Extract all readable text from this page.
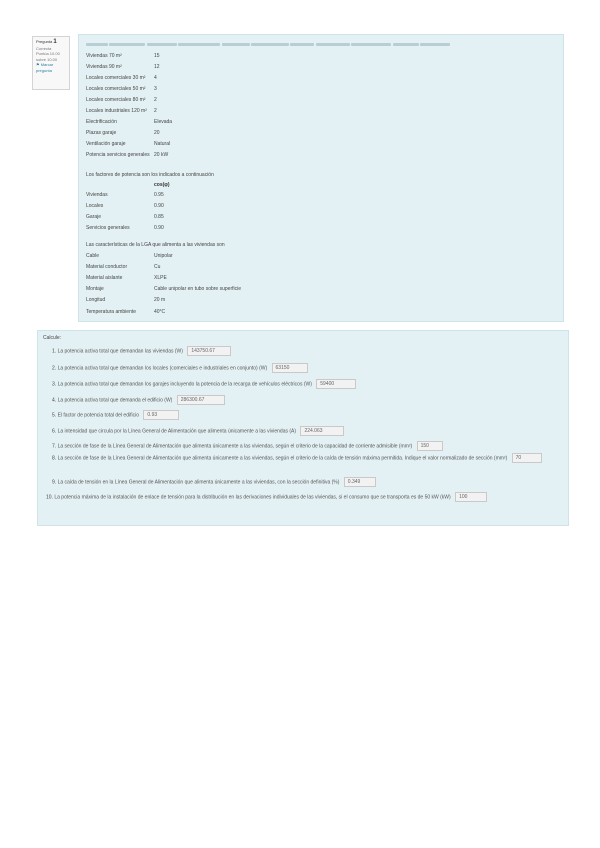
Pregunta 1
Correcta
Puntúa 10.00 sobre 10.00
⚑ Marcar pregunta

Viviendas 70 m²	15
Viviendas 90 m²	12
Locales comerciales 30 m² 4
Locales comerciales 50 m² 3
Locales comerciales 80 m² 2
Locales industriales 120 m² 2
Electrificación	Elevada
Plazas garaje	20
Ventilación garaje	Natural
Potencia servicios generales 20 kW
Los factores de potencia son los indicados a continuación
cos(φ)
Viviendas	0.95
Locales	0.90
Garaje	0.85
Servicios generales	0.90
Las características de la LGA que alimenta a las viviendas son
Cable	Unipolar
Material conductor	Cu
Material aislante	XLPE
Montaje	Cable unipolar en tubo sobre superficie
Longitud	20 m
Temperatura ambiente	40°C
Calcule:
1. La potencia activa total que demandan las viviendas (W) 143750.67
2. La potencia activa total que demandan los locales (comerciales e industriales en conjunto) (W) 63150
3. La potencia activa total que demandan los garajes incluyendo la potencia de la recarga de vehículos eléctricos (W) 59400
4. La potencia activa total que demanda el edificio (W) 286300.67
5. El factor de potencia total del edificio 0.93
6. La intensidad que circula por la Línea General de Alimentación que alimenta únicamente a las viviendas (A) 224.063
7. La sección de fase de la Línea General de Alimentación que alimenta únicamente a las viviendas, según el criterio de la capacidad de corriente admisible (mm²) 150
8. La sección de fase de la Línea General de Alimentación que alimenta únicamente a las viviendas, según el criterio de la caída de tensión máxima permitida. Indique el valor normalizado de sección (mm²) 70
9. La caída de tensión en la Línea General de Alimentación que alimenta únicamente a las viviendas, con la sección definitiva (%) 0.349
10. La potencia máxima de la instalación de enlace de tensión para la distribución en las derivaciones individuales de las viviendas, si el consumo que se transporta es de 50 kW (kW) 100
